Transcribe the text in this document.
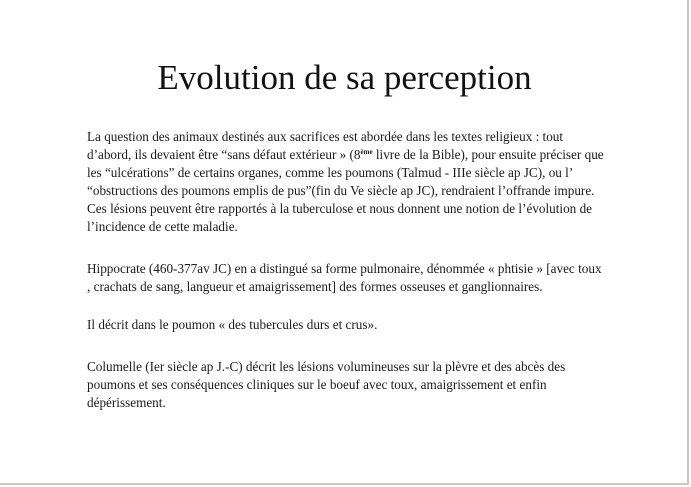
Evolution de sa perception
La question des animaux destinés aux sacrifices est abordée dans les textes religieux : tout d’abord, ils devaient être “sans défaut extérieur » (8ème livre de la Bible), pour ensuite préciser que les “ulcérations” de certains organes, comme les poumons (Talmud - IIIe siècle ap JC), ou l’ “obstructions des poumons emplis de pus”(fin du Ve siècle ap JC), rendraient l’offrande impure. Ces lésions peuvent être rapportés à la tuberculose et nous donnent une notion de l’évolution de l’incidence de cette maladie.
Hippocrate (460-377av JC) en a distingué sa forme pulmonaire, dénommée « phtisie » [avec toux , crachats de sang, langueur et amaigrissement] des formes osseuses et ganglionnaires.
Il décrit dans le poumon « des tubercules durs et crus».
Columelle (Ier siècle ap J.-C) décrit les lésions volumineuses sur la plèvre et des abcès des poumons et ses conséquences cliniques sur le boeuf avec toux, amaigrissement et enfin dépérissement.
